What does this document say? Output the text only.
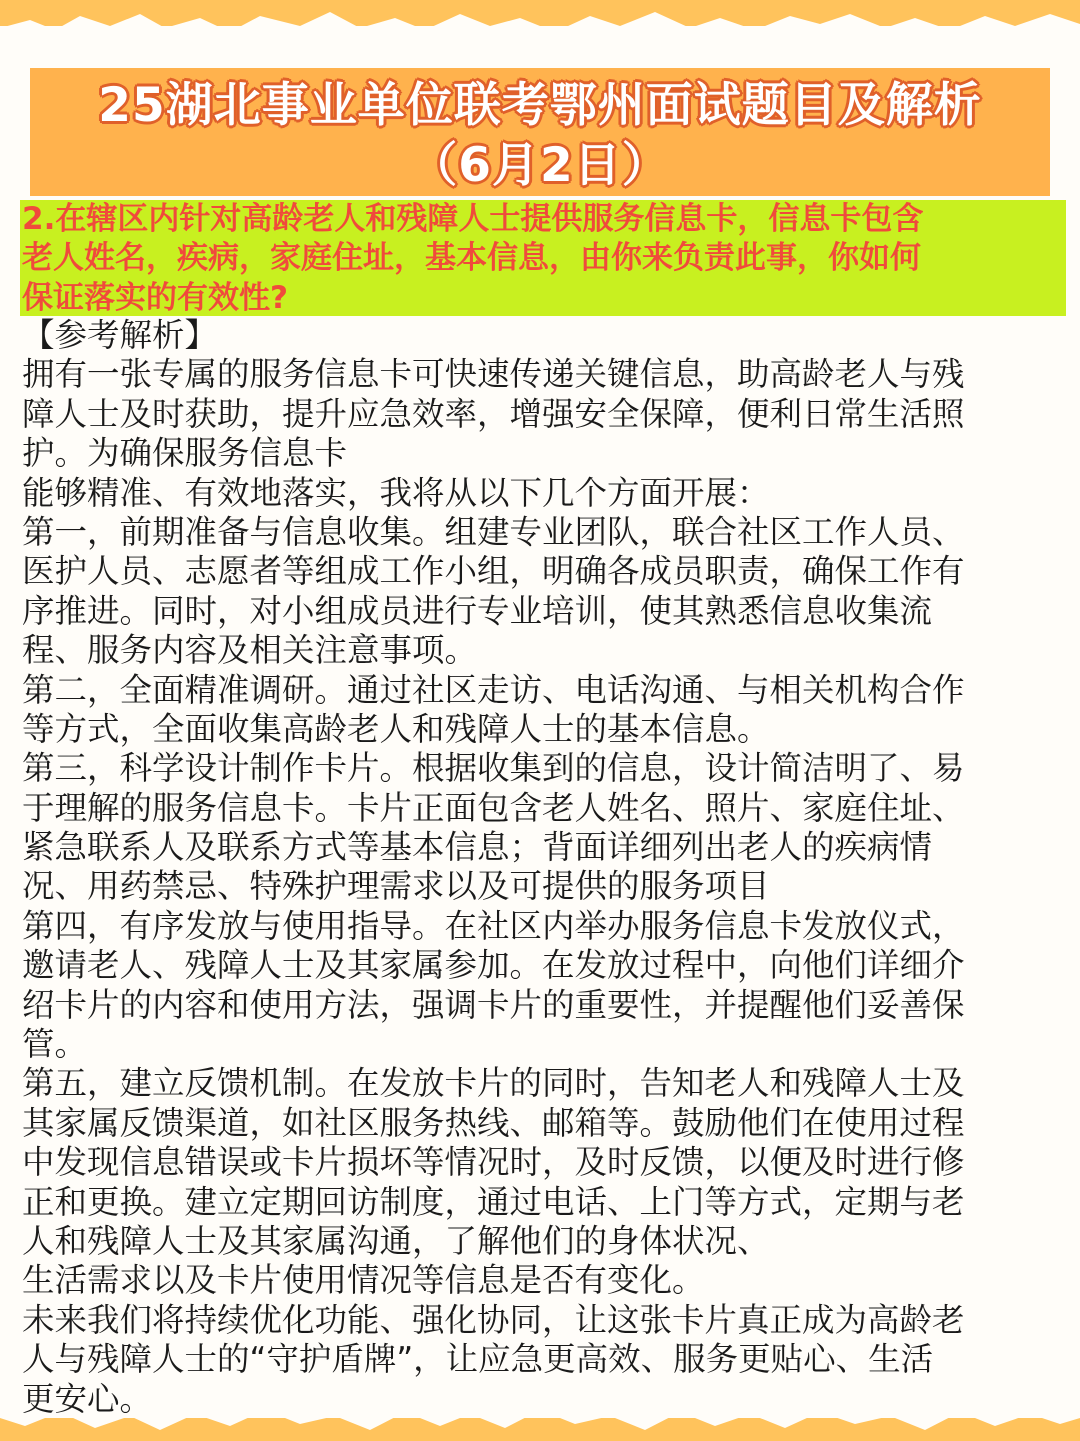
25湖北事业单位联考鄂州面试题目及解析
（6月2日）
2.在辖区内针对高龄老人和残障人士提供服务信息卡，信息卡包含
老人姓名，疾病，家庭住址，基本信息，由你来负责此事，你如何
保证落实的有效性?
【参考解析】
拥有一张专属的服务信息卡可快速传递关键信息，助高龄老人与残
障人士及时获助，提升应急效率，增强安全保障，便利日常生活照
护。为确保服务信息卡
能够精准、有效地落实，我将从以下几个方面开展：
第一，前期准备与信息收集。组建专业团队，联合社区工作人员、
医护人员、志愿者等组成工作小组，明确各成员职责，确保工作有
序推进。同时，对小组成员进行专业培训，使其熟悉信息收集流
程、服务内容及相关注意事项。
第二，全面精准调研。通过社区走访、电话沟通、与相关机构合作
等方式，全面收集高龄老人和残障人士的基本信息。
第三，科学设计制作卡片。根据收集到的信息，设计简洁明了、易
于理解的服务信息卡。卡片正面包含老人姓名、照片、家庭住址、
紧急联系人及联系方式等基本信息；背面详细列出老人的疾病情
况、用药禁忌、特殊护理需求以及可提供的服务项目
第四，有序发放与使用指导。在社区内举办服务信息卡发放仪式，
邀请老人、残障人士及其家属参加。在发放过程中，向他们详细介
绍卡片的内容和使用方法，强调卡片的重要性，并提醒他们妥善保
管。
第五，建立反馈机制。在发放卡片的同时，告知老人和残障人士及
其家属反馈渠道，如社区服务热线、邮箱等。鼓励他们在使用过程
中发现信息错误或卡片损坏等情况时，及时反馈，以便及时进行修
正和更换。建立定期回访制度，通过电话、上门等方式，定期与老
人和残障人士及其家属沟通，了解他们的身体状况、
生活需求以及卡片使用情况等信息是否有变化。
未来我们将持续优化功能、强化协同，让这张卡片真正成为高龄老
人与残障人士的“守护盾牌”，让应急更高效、服务更贴心、生活
更安心。
